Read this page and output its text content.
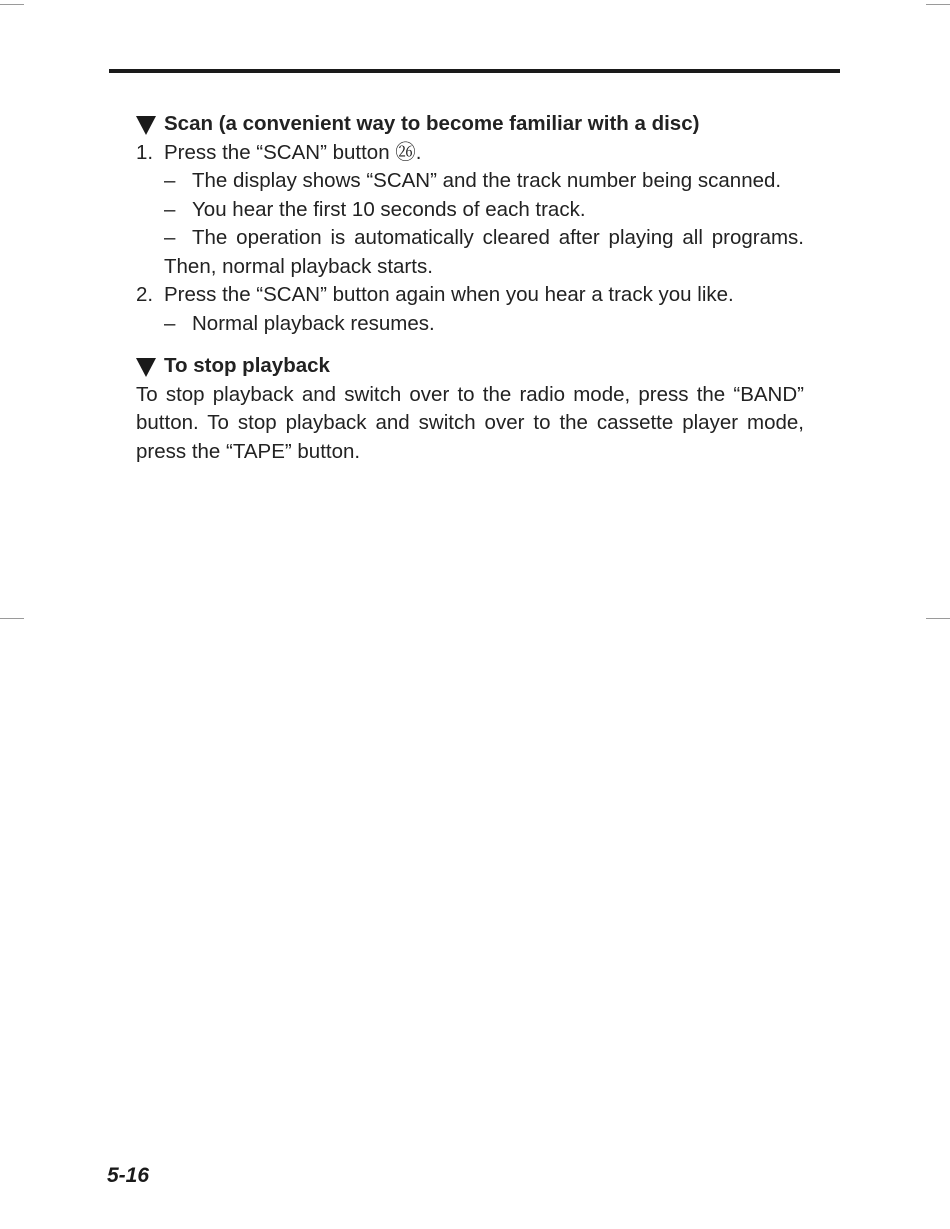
Scan (a convenient way to become familiar with a disc)
1. Press the “SCAN” button ㉖.
– The display shows “SCAN” and the track number being scanned.
– You hear the first 10 seconds of each track.
– The operation is automatically cleared after playing all programs. Then, normal playback starts.
2. Press the “SCAN” button again when you hear a track you like.
– Normal playback resumes.
To stop playback

To stop playback and switch over to the radio mode, press the “BAND” button. To stop playback and switch over to the cassette player mode, press the “TAPE” button.

5-16
